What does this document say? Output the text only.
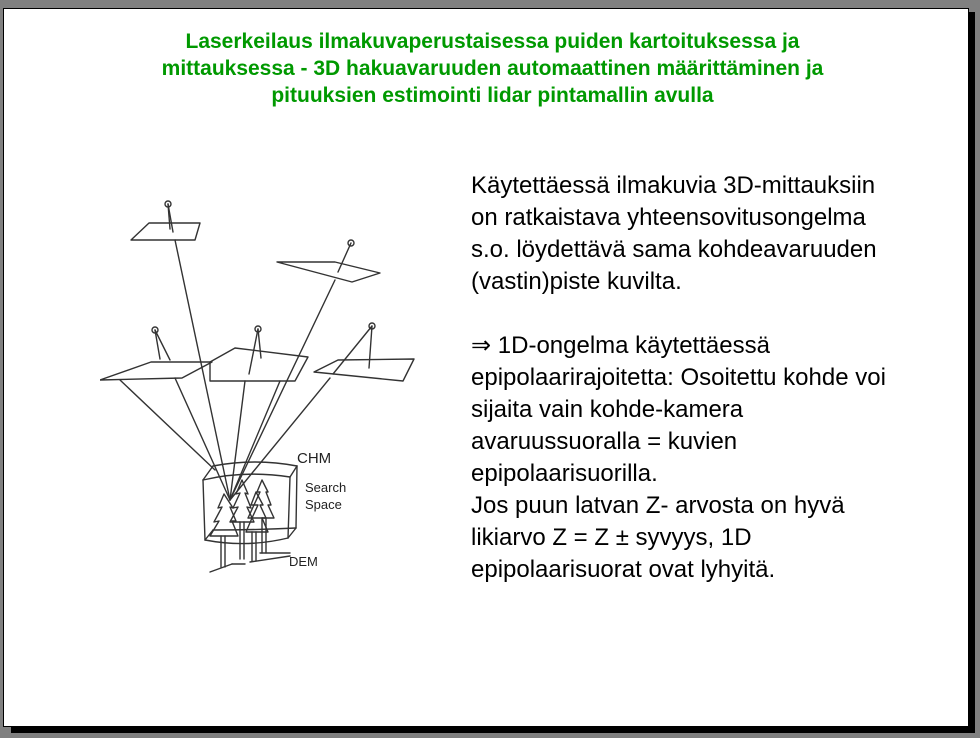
Laserkeilaus ilmakuvaperustaisessa puiden kartoituksessa ja
mittauksessa - 3D hakuavaruuden automaattinen määrittäminen ja
pituuksien estimointi lidar pintamallin avulla
Käytettäessä ilmakuvia 3D-mittauksiin
on ratkaistava yhteensovitusongelma
s.o. löydettävä sama kohdeavaruuden
(vastin)piste kuvilta.
⇒ 1D-ongelma käytettäessä
epipolaarirajoitetta: Osoitettu kohde voi
sijaita vain kohde-kamera
avaruussuoralla = kuvien
epipolaarisuorilla.
Jos puun latvan Z- arvosta on hyvä
likiarvo Z = Z ± syvyys, 1D
epipolaarisuorat ovat lyhyitä.
CHM
Search
Space
DEM
